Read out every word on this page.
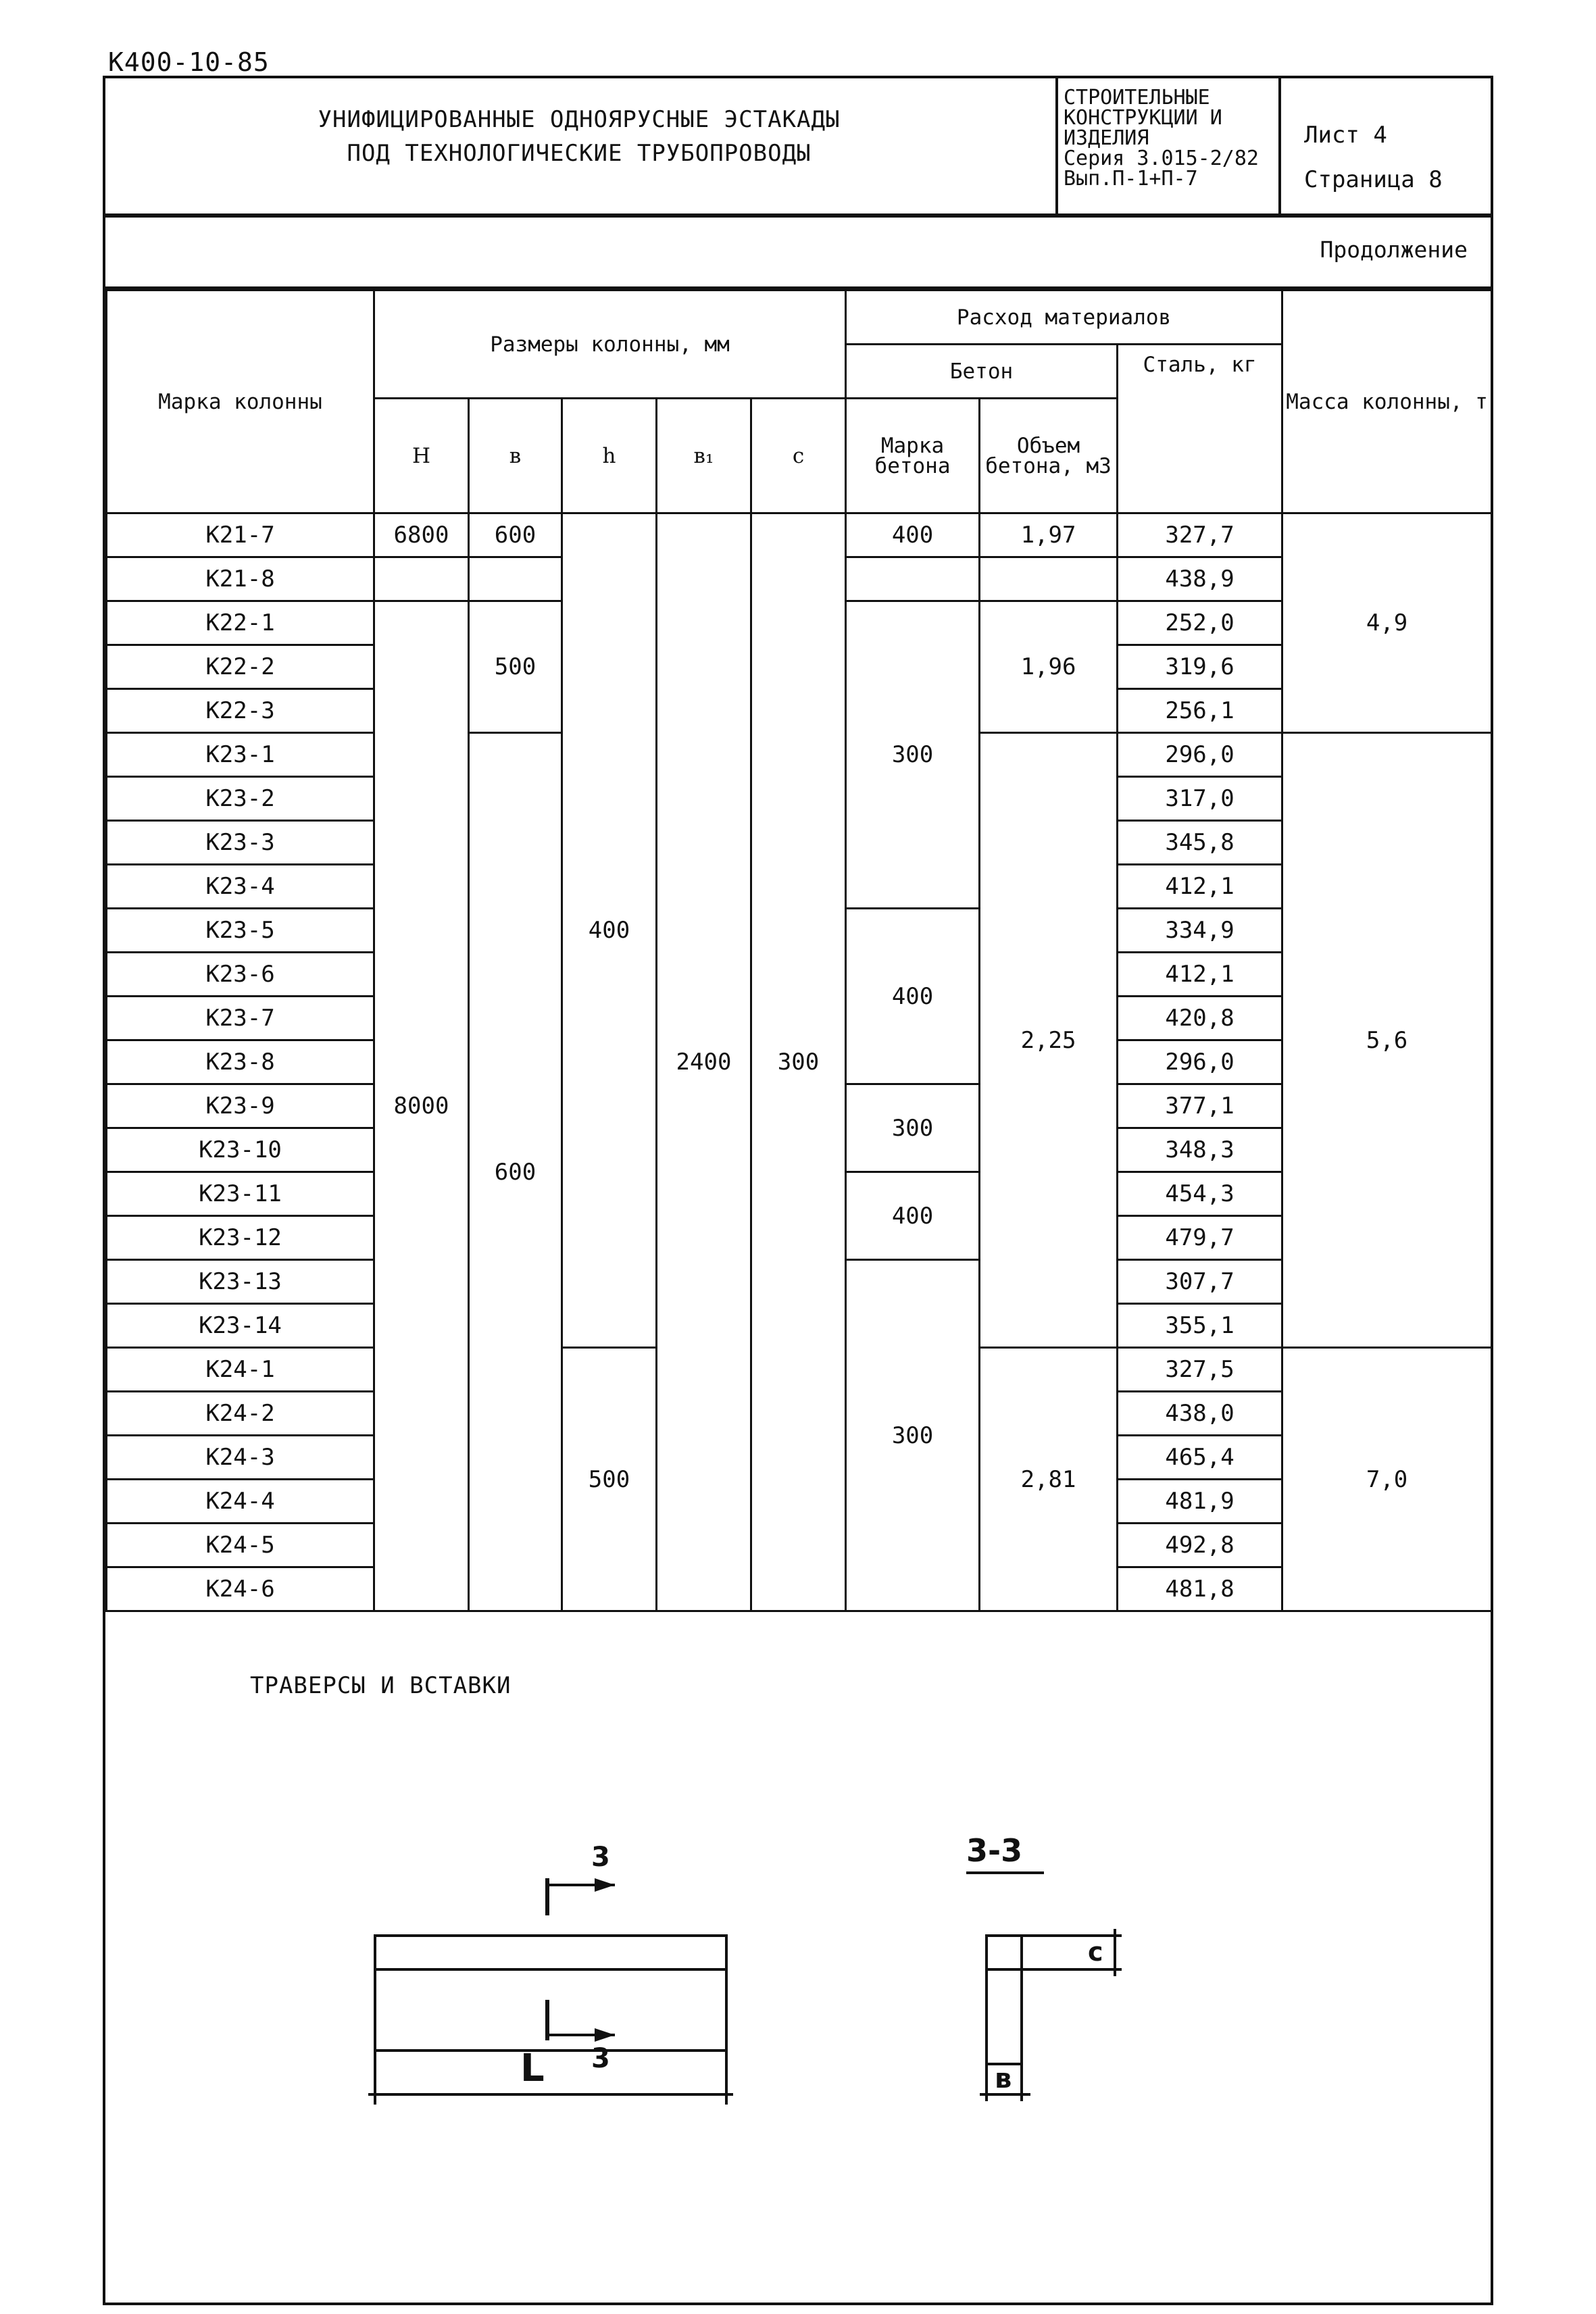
К400-10-85
УНИФИЦИРОВАННЫЕ ОДНОЯРУСНЫЕ ЭСТАКАДЫ
ПОД ТЕХНОЛОГИЧЕСКИЕ ТРУБОПРОВОДЫ
СТРОИТЕЛЬНЫЕ
КОНСТРУКЦИИ И
ИЗДЕЛИЯ
Серия 3.015-2/82
Вып.П-1+П-7
Лист 4
Страница 8
Продолжение
Марка колонны	Размеры колонны, мм					Расход материалов			Масса колонны, т
						Бетон		Сталь, кг	
	H	в	h	в₁	c	Марка бетона	Объем бетона, м3		
К21-7	6800	600	400	2400	300	400	1,97	327,7	4,9
К21-8								438,9	
К22-1	8000	500				300	1,96	252,0	
К22-2								319,6	
К22-3								256,1	
К23-1		600					2,25	296,0	5,6
К23-2								317,0	
К23-3								345,8	
К23-4								412,1	
К23-5						400		334,9	
К23-6								412,1	
К23-7								420,8	
К23-8								296,0	
К23-9						300		377,1	
К23-10								348,3	
К23-11						400		454,3	
К23-12								479,7	
К23-13						300		307,7	
К23-14								355,1	
К24-1			500				2,81	327,5	7,0
К24-2								438,0	
К24-3								465,4	
К24-4								481,9	
К24-5								492,8	
К24-6								481,8	
ТРАВЕРСЫ И ВСТАВКИ
3
3
L
3-3
c
в
